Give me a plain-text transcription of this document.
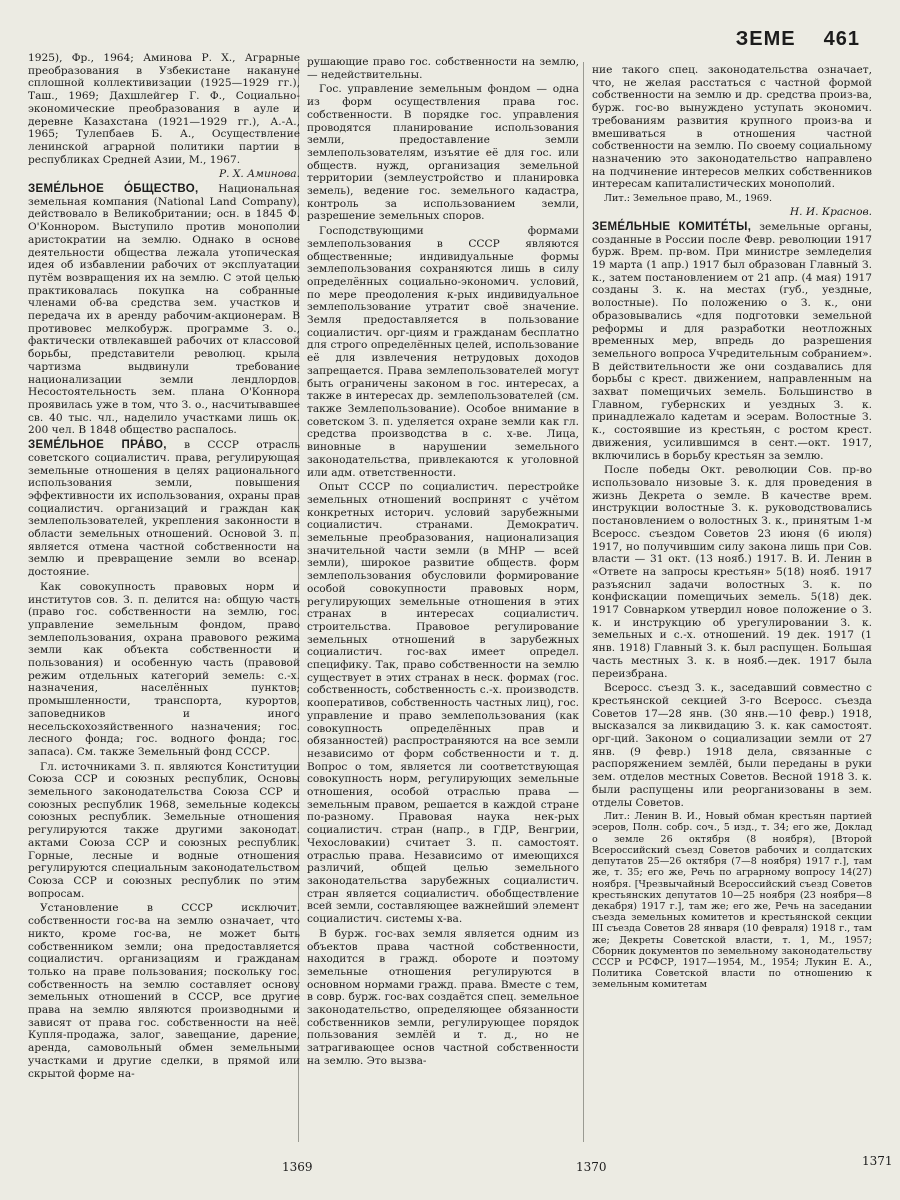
ЗЕМЕ 461

1925), Фр., 1964; Аминова Р. Х., Аграрные преобразования в Узбекистане накануне сплошной коллективизации (1925—1929 гг.), Таш., 1969; Дахшлейгер Г. Ф., Социально-экономические преобразования в ауле и деревне Казахстана (1921—1929 гг.), А.-А., 1965; Тулепбаев Б. А., Осуществление ленинской аграрной политики партии в республиках Средней Азии, М., 1967.

Р. Х. Аминова.

ЗЕМЕ́ЛЬНОЕ О́БЩЕСТВО, Национальная земельная компания (National Land Company), действовало в Великобритании; осн. в 1845 Ф. О'Коннором. Выступило против монополии аристократии на землю. Однако в основе деятельности общества лежала утопическая идея об избавлении рабочих от эксплуатации путём возвращения их на землю. С этой целью практиковалась покупка на собранные членами об-ва средства зем. участков и передача их в аренду рабочим-акционерам. В противовес мелкобурж. программе З. о., фактически отвлекавшей рабочих от классовой борьбы, представители революц. крыла чартизма выдвинули требование национализации земли лендлордов. Несостоятельность зем. плана О'Коннора проявилась уже в том, что З. о., насчитывавшее св. 40 тыс. чл., наделило участками лишь ок. 200 чел. В 1848 общество распалось.

ЗЕМЕ́ЛЬНОЕ ПРА́ВО, в СССР отрасль советского социалистич. права, регулирующая земельные отношения в целях рационального использования земли, повышения эффективности их использования, охраны прав социалистич. организаций и граждан как землепользователей, укрепления законности в области земельных отношений. Основой З. п. является отмена частной собственности на землю и превращение земли во всенар. достояние.

Как совокупность правовых норм и институтов сов. З. п. делится на: общую часть (право гос. собственности на землю, гос. управление земельным фондом, право землепользования, охрана правового режима земли как объекта собственности и пользования) и особенную часть (правовой режим отдельных категорий земель: с.-х. назначения, населённых пунктов; промышленности, транспорта, курортов, заповедников и иного несельскохозяйственного назначения; гос. лесного фонда; гос. водного фонда; гос. запаса). См. также Земельный фонд СССР.

Гл. источниками З. п. являются Конституции Союза ССР и союзных республик, Основы земельного законодательства Союза ССР и союзных республик 1968, земельные кодексы союзных республик. Земельные отношения регулируются также другими законодат. актами Союза ССР и союзных республик. Горные, лесные и водные отношения регулируются специальным законодательством Союза ССР и союзных республик по этим вопросам.

Установление в СССР исключит. собственности гос-ва на землю означает, что никто, кроме гос-ва, не может быть собственником земли; она предоставляется социалистич. организациям и гражданам только на праве пользования; поскольку гос. собственность на землю составляет основу земельных отношений в СССР, все другие права на землю являются производными и зависят от права гос. собственности на неё. Купля-продажа, залог, завещание, дарение, аренда, самовольный обмен земельными участками и другие сделки, в прямой или скрытой форме на-

рушающие право гос. собственности на землю, — недействительны.

Гос. управление земельным фондом — одна из форм осуществления права гос. собственности. В порядке гос. управления проводятся планирование использования земли, предоставление земли землепользователям, изъятие её для гос. или обществ. нужд, организация земельной территории (землеустройство и планировка земель), ведение гос. земельного кадастра, контроль за использованием земли, разрешение земельных споров.

Господствующими формами землепользования в СССР являются общественные; индивидуальные формы землепользования сохраняются лишь в силу определённых социально-экономич. условий, по мере преодоления к-рых индивидуальное землепользование утратит своё значение. Земля предоставляется в пользование социалистич. орг-циям и гражданам бесплатно для строго определённых целей, использование её для извлечения нетрудовых доходов запрещается. Права землепользователей могут быть ограничены законом в гос. интересах, а также в интересах др. землепользователей (см. также Землепользование). Особое внимание в советском З. п. уделяется охране земли как гл. средства производства в с. х-ве. Лица, виновные в нарушении земельного законодательства, привлекаются к уголовной или адм. ответственности.

Опыт СССР по социалистич. перестройке земельных отношений воспринят с учётом конкретных историч. условий зарубежными социалистич. странами. Демократич. земельные преобразования, национализация значительной части земли (в МНР — всей земли), широкое развитие обществ. форм землепользования обусловили формирование особой совокупности правовых норм, регулирующих земельные отношения в этих странах в интересах социалистич. строительства. Правовое регулирование земельных отношений в зарубежных социалистич. гос-вах имеет определ. специфику. Так, право собственности на землю существует в этих странах в неск. формах (гос. собственность, собственность с.-х. производств. кооперативов, собственность частных лиц), гос. управление и право землепользования (как совокупность определённых прав и обязанностей) распространяются на все земли независимо от форм собственности и т. д. Вопрос о том, является ли соответствующая совокупность норм, регулирующих земельные отношения, особой отраслью права — земельным правом, решается в каждой стране по-разному. Правовая наука нек-рых социалистич. стран (напр., в ГДР, Венгрии, Чехословакии) считает З. п. самостоят. отраслью права. Независимо от имеющихся различий, общей целью земельного законодательства зарубежных социалистич. стран является социалистич. обобществление всей земли, составляющее важнейший элемент социалистич. системы х-ва.

В бурж. гос-вах земля является одним из объектов права частной собственности, находится в гражд. обороте и поэтому земельные отношения регулируются в основном нормами гражд. права. Вместе с тем, в совр. бурж. гос-вах создаётся спец. земельное законодательство, определяющее обязанности собственников земли, регулирующее порядок пользования землёй и т. д., но не затрагивающее основ частной собственности на землю. Это вызва-

ние такого спец. законодательства означает, что, не желая расстаться с частной формой собственности на землю и др. средства произ-ва, бурж. гос-во вынуждено уступать экономич. требованиям развития крупного произ-ва и вмешиваться в отношения частной собственности на землю. По своему социальному назначению это законодательство направлено на подчинение интересов мелких собственников интересам капиталистических монополий.

Лит.: Земельное право, М., 1969.

Н. И. Краснов.

ЗЕМЕ́ЛЬНЫЕ КОМИТЕ́ТЫ, земельные органы, созданные в России после Февр. революции 1917 бурж. Врем. пр-вом. При министре земледелия 19 марта (1 апр.) 1917 был образован Главный З. к., затем постановлением от 21 апр. (4 мая) 1917 созданы З. к. на местах (губ., уездные, волостные). По положению о З. к., они образовывались «для подготовки земельной реформы и для разработки неотложных временных мер, впредь до разрешения земельного вопроса Учредительным собранием». В действительности же они создавались для борьбы с крест. движением, направленным на захват помещичьих земель. Большинство в Главном, губернских и уездных З. к. принадлежало кадетам и эсерам. Волостные З. к., состоявшие из крестьян, с ростом крест. движения, усилившимся в сент.—окт. 1917, включились в борьбу крестьян за землю.

После победы Окт. революции Сов. пр-во использовало низовые З. к. для проведения в жизнь Декрета о земле. В качестве врем. инструкции волостные З. к. руководствовались постановлением о волостных З. к., принятым 1-м Всеросс. съездом Советов 23 июня (6 июля) 1917, но получившим силу закона лишь при Сов. власти — 31 окт. (13 нояб.) 1917. В. И. Ленин в «Ответе на запросы крестьян» 5(18) нояб. 1917 разъяснил задачи волостных З. к. по конфискации помещичьих земель. 5(18) дек. 1917 Совнарком утвердил новое положение о З. к. и инструкцию об урегулировании З. к. земельных и с.-х. отношений. 19 дек. 1917 (1 янв. 1918) Главный З. к. был распущен. Большая часть местных З. к. в нояб.—дек. 1917 была переизбрана.

Всеросс. съезд З. к., заседавший совместно с крестьянской секцией 3-го Всеросс. съезда Советов 17—28 янв. (30 янв.—10 февр.) 1918, высказался за ликвидацию З. к. как самостоят. орг-ций. Законом о социализации земли от 27 янв. (9 февр.) 1918 дела, связанные с распоряжением землёй, были переданы в руки зем. отделов местных Советов. Весной 1918 З. к. были распущены или реорганизованы в зем. отделы Советов.

Лит.: Ленин В. И., Новый обман крестьян партией эсеров, Полн. собр. соч., 5 изд., т. 34; его же, Доклад о земле 26 октября (8 ноября), [Второй Всероссийский съезд Советов рабочих и солдатских депутатов 25—26 октября (7—8 ноября) 1917 г.], там же, т. 35; его же, Речь по аграрному вопросу 14(27) ноября. [Чрезвычайный Всероссийский съезд Советов крестьянских депутатов 10—25 ноября (23 ноября—8 декабря) 1917 г.], там же; его же, Речь на заседании съезда земельных комитетов и крестьянской секции III съезда Советов 28 января (10 февраля) 1918 г., там же; Декреты Советской власти, т. 1, М., 1957; Сборник документов по земельному законодательству СССР и РСФСР, 1917—1954, М., 1954; Лукин Е. А., Политика Советской власти по отношению к земельным комитетам

1369	1370	1371
